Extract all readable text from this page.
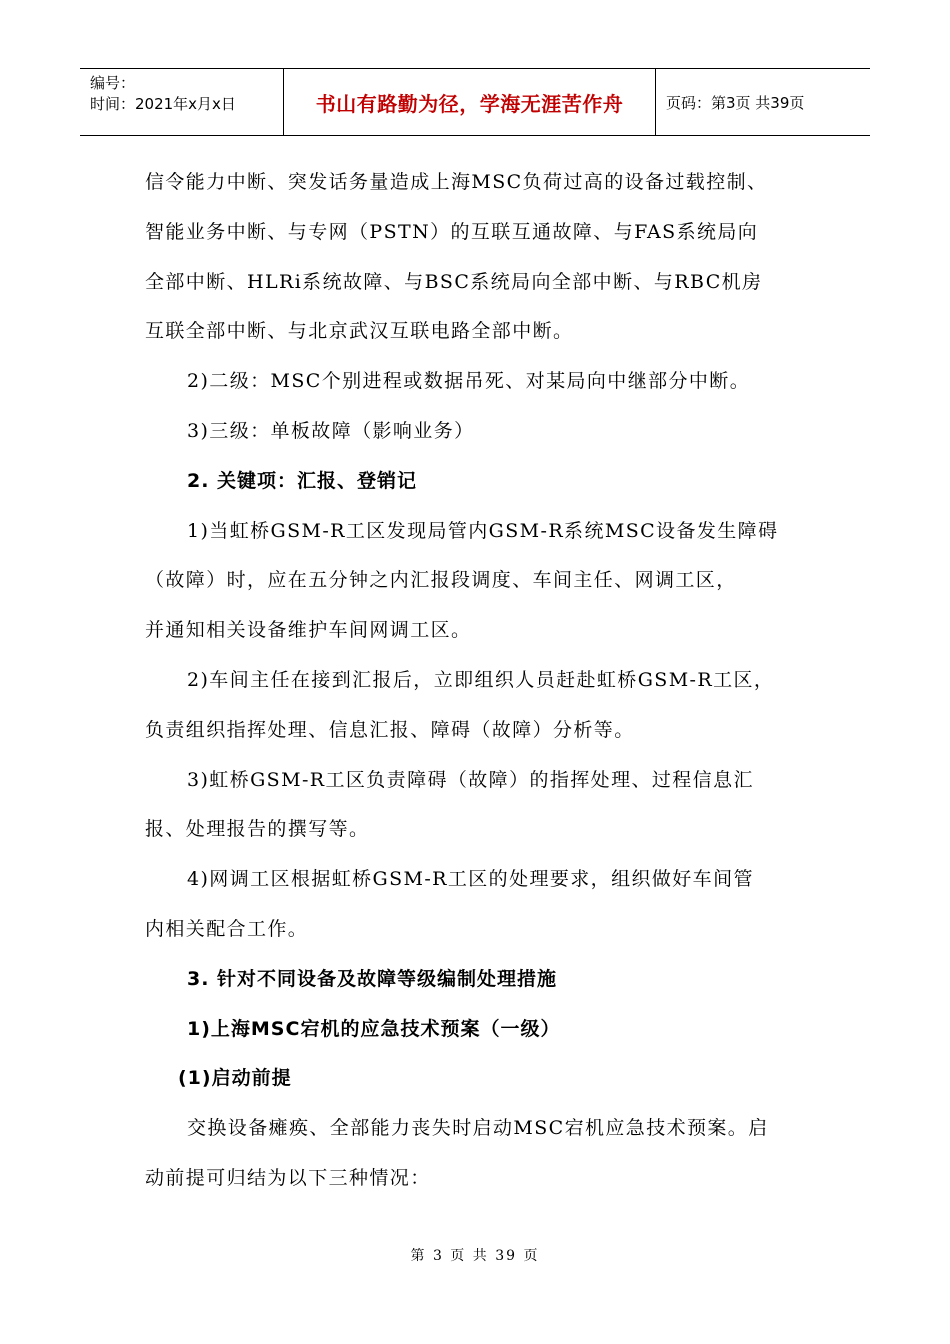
编号：
时间：2021年x月x日	书山有路勤为径，学海无涯苦作舟	页码：第3页 共39页

信令能力中断、突发话务量造成上海MSC负荷过高的设备过载控制、

智能业务中断、与专网（PSTN）的互联互通故障、与FAS系统局向

全部中断、HLRi系统故障、与BSC系统局向全部中断、与RBC机房

互联全部中断、与北京武汉互联电路全部中断。

2)二级：MSC个别进程或数据吊死、对某局向中继部分中断。

3)三级：单板故障（影响业务）

2. 关键项：汇报、登销记

1)当虹桥GSM-R工区发现局管内GSM-R系统MSC设备发生障碍

（故障）时，应在五分钟之内汇报段调度、车间主任、网调工区，

并通知相关设备维护车间网调工区。

2)车间主任在接到汇报后，立即组织人员赶赴虹桥GSM-R工区，

负责组织指挥处理、信息汇报、障碍（故障）分析等。

3)虹桥GSM-R工区负责障碍（故障）的指挥处理、过程信息汇

报、处理报告的撰写等。

4)网调工区根据虹桥GSM-R工区的处理要求，组织做好车间管

内相关配合工作。

3. 针对不同设备及故障等级编制处理措施

1)上海MSC宕机的应急技术预案（一级）

(1)启动前提

交换设备瘫痪、全部能力丧失时启动MSC宕机应急技术预案。启

动前提可归结为以下三种情况：

第 3 页 共 39 页
